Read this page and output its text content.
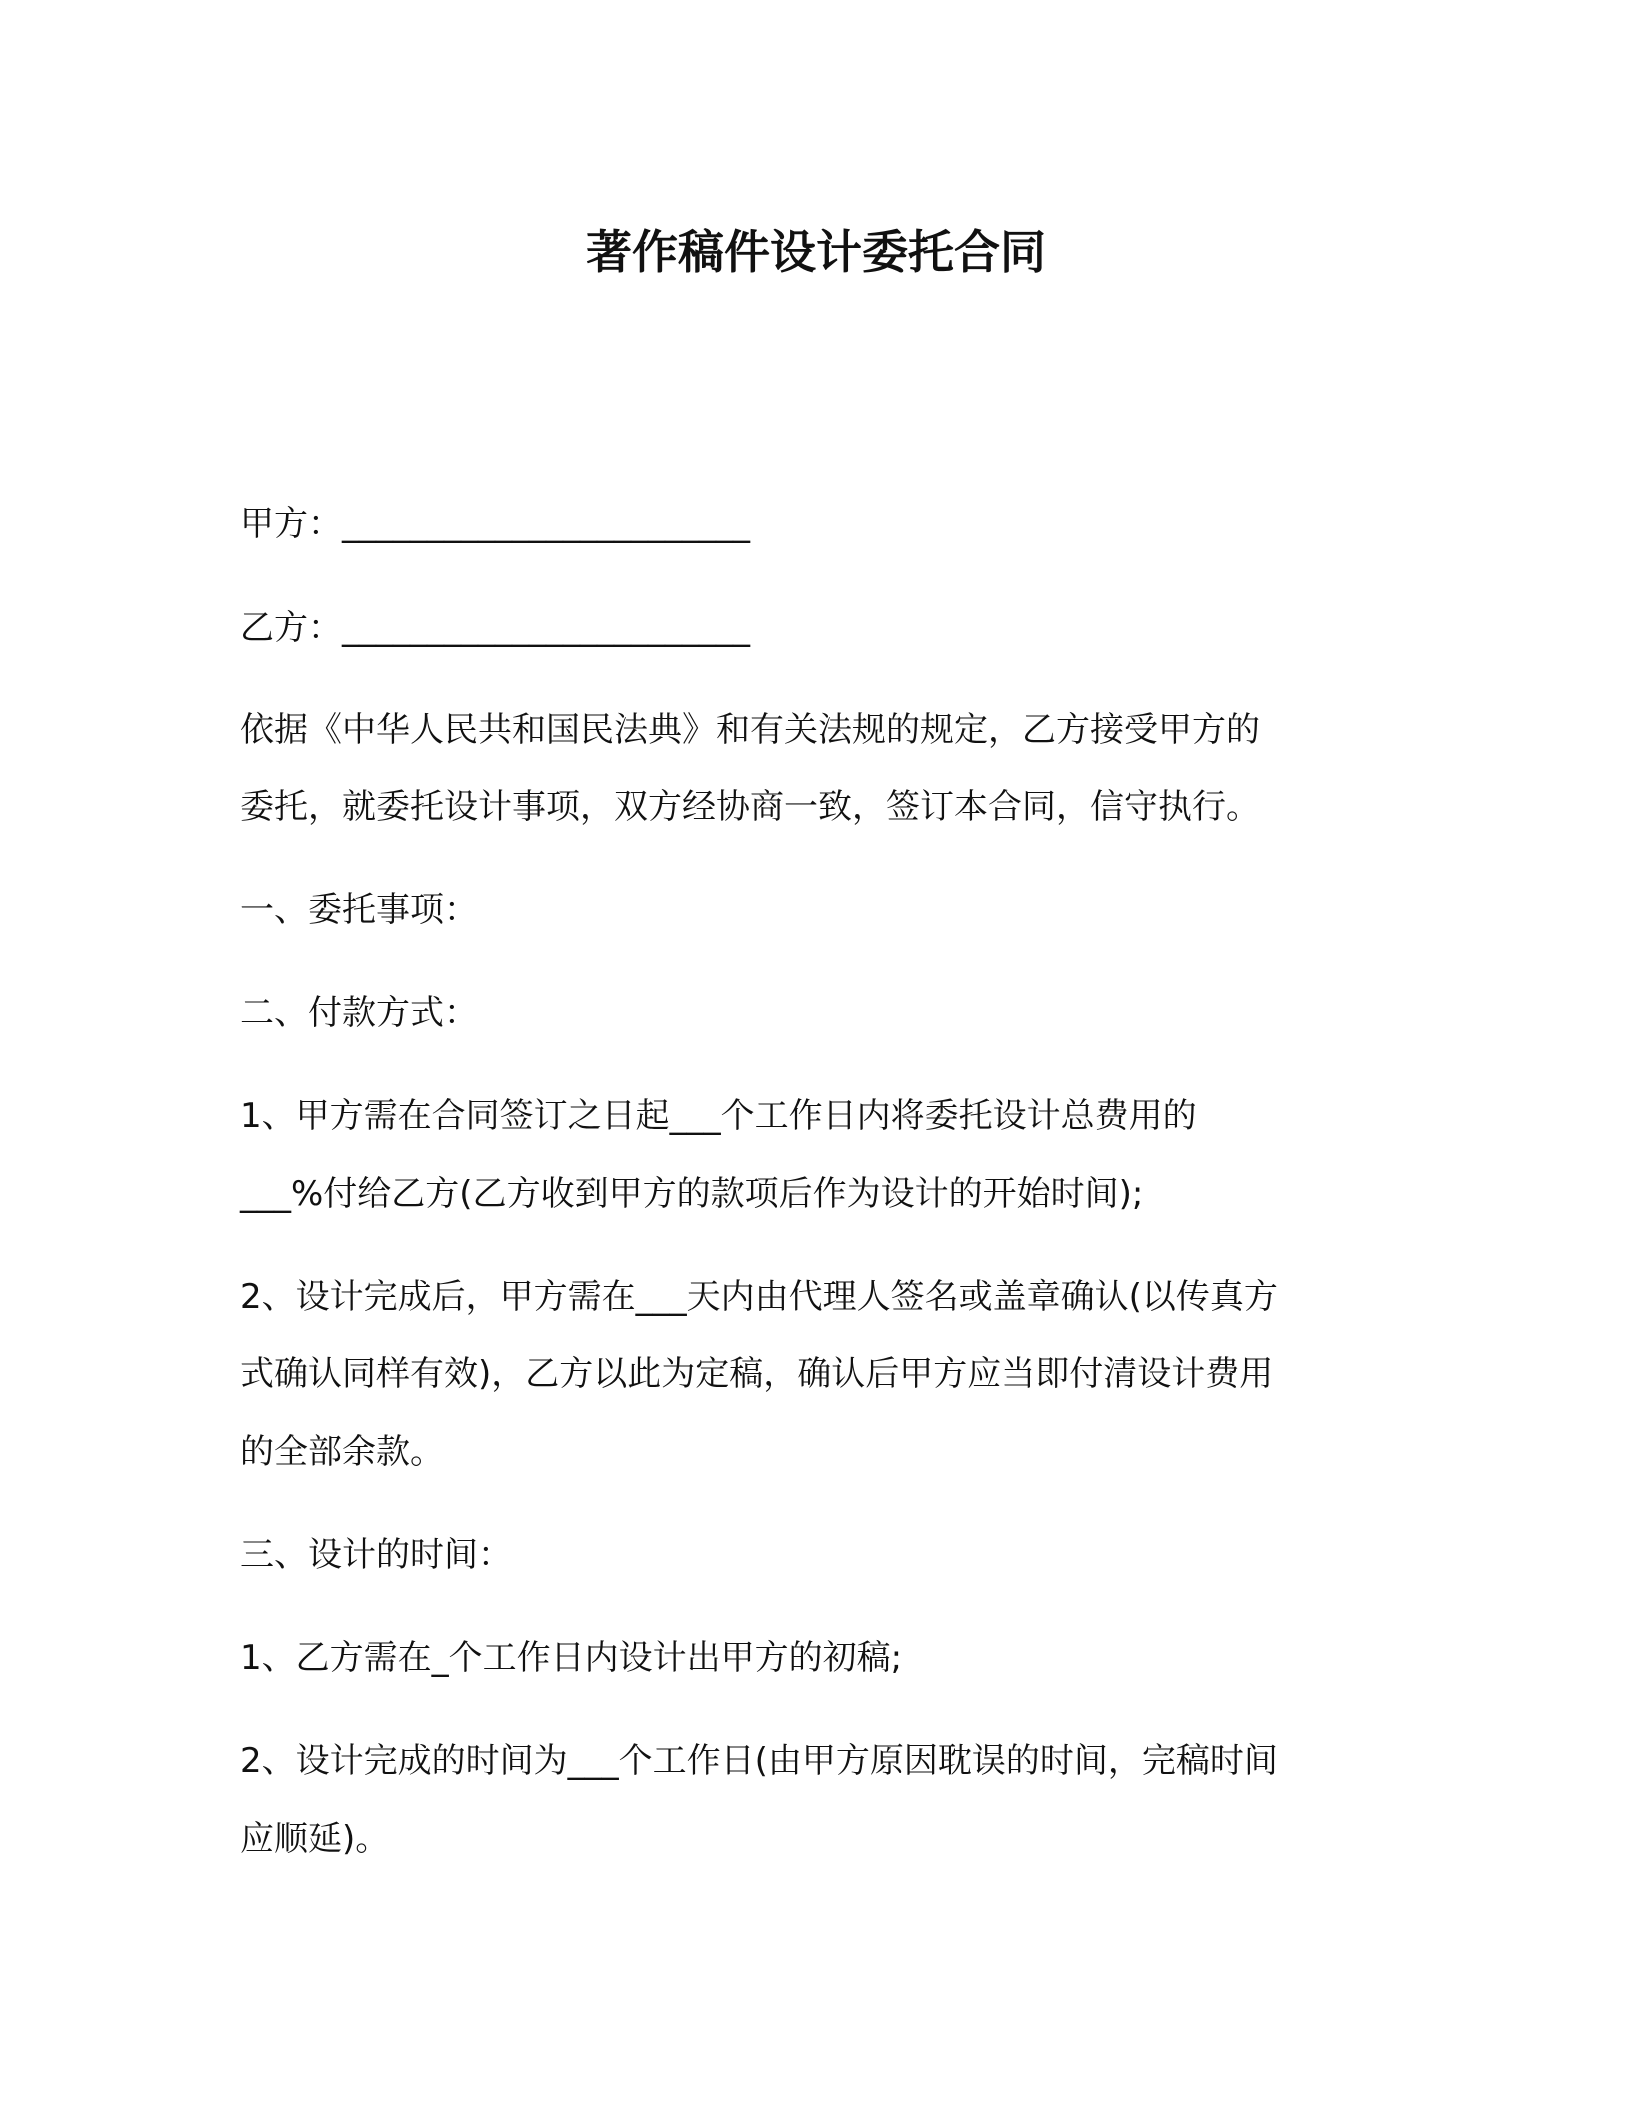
著作稿件设计委托合同
甲方：________________________
乙方：________________________
依据《中华人民共和国民法典》和有关法规的规定，乙方接受甲方的
委托，就委托设计事项，双方经协商一致，签订本合同，信守执行。
一、委托事项：
二、付款方式：
1、甲方需在合同签订之日起___个工作日内将委托设计总费用的
___%付给乙方(乙方收到甲方的款项后作为设计的开始时间);
2、设计完成后，甲方需在___天内由代理人签名或盖章确认(以传真方
式确认同样有效)，乙方以此为定稿，确认后甲方应当即付清设计费用
的全部余款。
三、设计的时间：
1、乙方需在_个工作日内设计出甲方的初稿;
2、设计完成的时间为___个工作日(由甲方原因耽误的时间，完稿时间
应顺延)。
